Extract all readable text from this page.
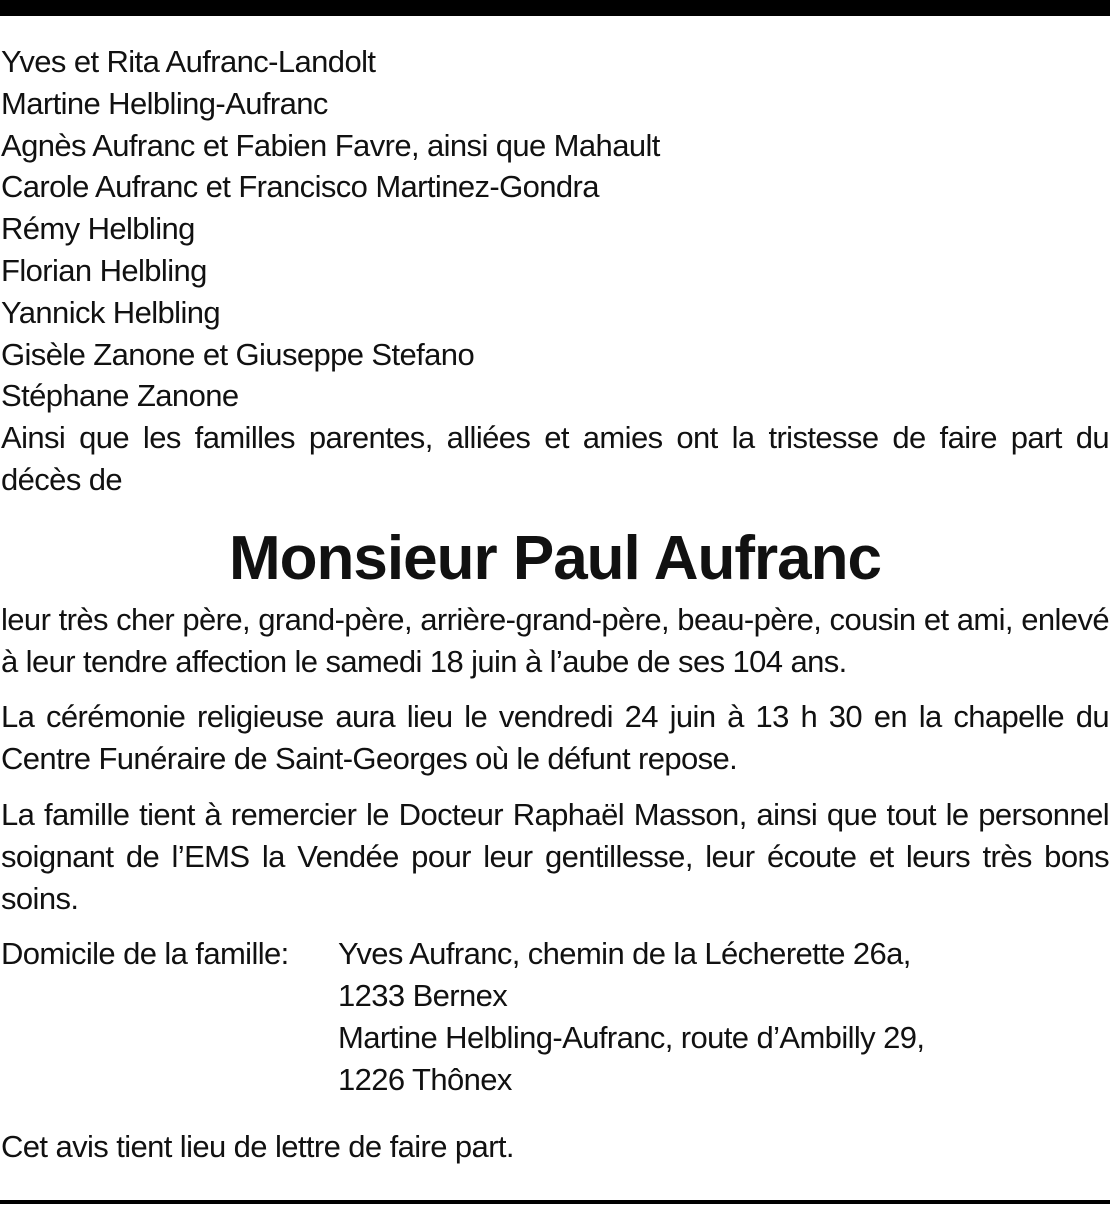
Yves et Rita Aufranc-Landolt
Martine Helbling-Aufranc
Agnès Aufranc et Fabien Favre, ainsi que Mahault
Carole Aufranc et Francisco Martinez-Gondra
Rémy Helbling
Florian Helbling
Yannick Helbling
Gisèle Zanone et Giuseppe Stefano
Stéphane Zanone

Ainsi que les familles parentes, alliées et amies ont la tristesse de faire part du décès de

Monsieur Paul Aufranc

leur très cher père, grand-père, arrière-grand-père, beau-père, cousin et ami, enlevé à leur tendre affection le samedi 18 juin à l’aube de ses 104 ans.

La cérémonie religieuse aura lieu le vendredi 24 juin à 13 h 30 en la chapelle du Centre Funéraire de Saint-Georges où le défunt repose.

La famille tient à remercier le Docteur Raphaël Masson, ainsi que tout le personnel soignant de l’EMS la Vendée pour leur gentillesse, leur écoute et leurs très bons soins.

Domicile de la famille:	Yves Aufranc, chemin de la Lécherette 26a,
1233 Bernex
Martine Helbling-Aufranc, route d’Ambilly 29,
1226 Thônex
Cet avis tient lieu de lettre de faire part.
